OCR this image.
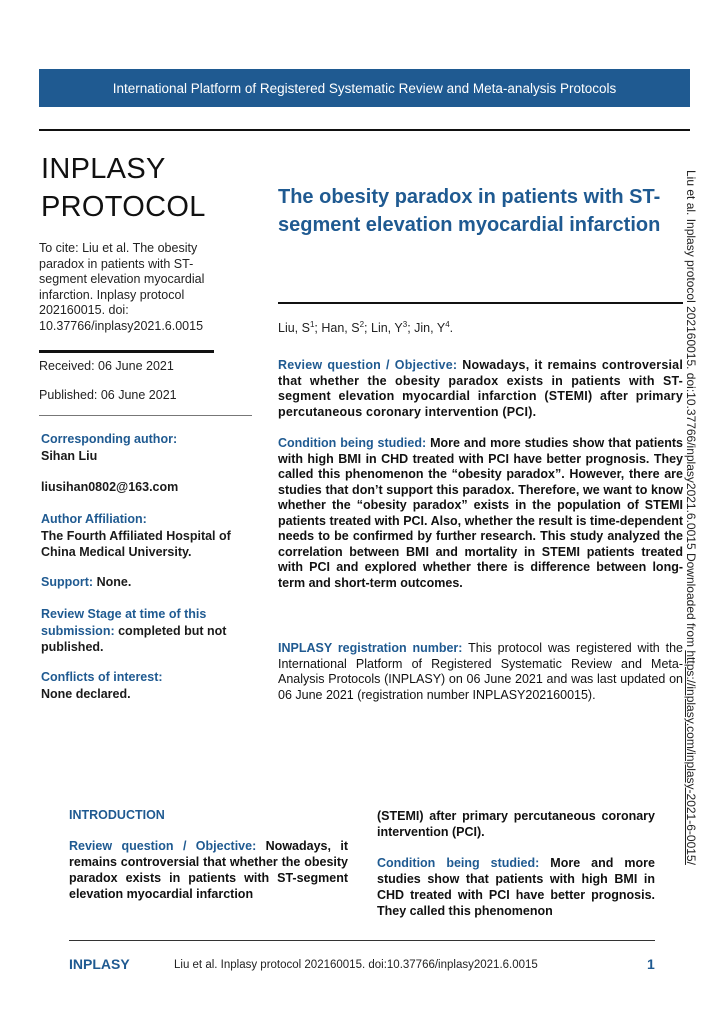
International Platform of Registered Systematic Review and Meta-analysis Protocols
INPLASY
PROTOCOL
To cite: Liu et al. The obesity paradox in patients with ST-segment elevation myocardial infarction. Inplasy protocol 202160015. doi: 10.37766/inplasy2021.6.0015
Received: 06 June 2021
Published: 06 June 2021
Corresponding author:
Sihan Liu
liusihan0802@163.com
Author Affiliation:
The Fourth Affiliated Hospital of China Medical University.
Support: None.
Review Stage at time of this submission: completed but not published.
Conflicts of interest:
None declared.
The obesity paradox in patients with ST-segment elevation myocardial infarction
Liu, $S^1$; Han, $S^2$; Lin, $Y^3$; Jin, $Y^4$.
Review question / Objective: Nowadays, it remains controversial that whether the obesity paradox exists in patients with ST-segment elevation myocardial infarction (STEMI) after primary percutaneous coronary intervention (PCI).
Condition being studied: More and more studies show that patients with high BMI in CHD treated with PCI have better prognosis. They called this phenomenon the “obesity paradox”. However, there are studies that don’t support this paradox. Therefore, we want to know whether the “obesity paradox” exists in the population of STEMI patients treated with PCI. Also, whether the result is time-dependent needs to be confirmed by further research. This study analyzed the correlation between BMI and mortality in STEMI patients treated with PCI and explored whether there is difference between long-term and short-term outcomes.
INPLASY registration number: This protocol was registered with the International Platform of Registered Systematic Review and Meta-Analysis Protocols (INPLASY) on 06 June 2021 and was last updated on 06 June 2021 (registration number INPLASY202160015).
INTRODUCTION
Review question / Objective: Nowadays, it remains controversial that whether the obesity paradox exists in patients with ST-segment elevation myocardial infarction
(STEMI) after primary percutaneous coronary intervention (PCI).
Condition being studied: More and more studies show that patients with high BMI in CHD treated with PCI have better prognosis. They called this phenomenon
Liu et al. Inplasy protocol 202160015. doi:10.37766/inplasy2021.6.0015 Downloaded from https://inplasy.com/inplasy-2021-6-0015/
INPLASY	Liu et al. Inplasy protocol 202160015. doi:10.37766/inplasy2021.6.0015	1
